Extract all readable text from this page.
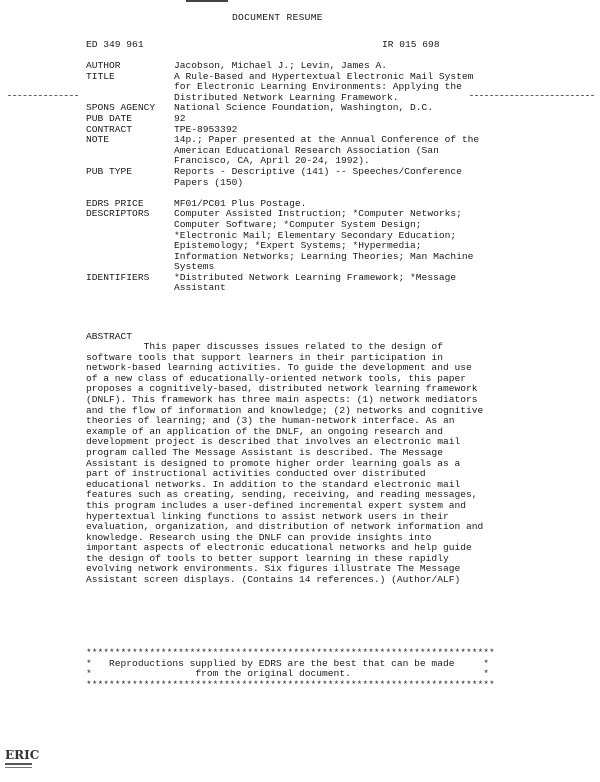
DOCUMENT RESUME
ED 349 961	IR 015 698
AUTHOR	Jacobson, Michael J.; Levin, James A.
TITLE	A Rule-Based and Hypertextual Electronic Mail System
for Electronic Learning Environments: Applying the
Distributed Network Learning Framework.
SPONS AGENCY	National Science Foundation, Washington, D.C.
PUB DATE	92
CONTRACT	TPE-8953392
NOTE	14p.; Paper presented at the Annual Conference of the
American Educational Research Association (San
Francisco, CA, April 20-24, 1992).
PUB TYPE	Reports - Descriptive (141) -- Speeches/Conference
Papers (150)
EDRS PRICE	MF01/PC01 Plus Postage.
DESCRIPTORS	Computer Assisted Instruction; *Computer Networks;
Computer Software; *Computer System Design;
*Electronic Mail; Elementary Secondary Education;
Epistemology; *Expert Systems; *Hypermedia;
Information Networks; Learning Theories; Man Machine
Systems
IDENTIFIERS	*Distributed Network Learning Framework; *Message
Assistant
ABSTRACT
This paper discusses issues related to the design of
software tools that support learners in their participation in
network-based learning activities. To guide the development and use
of a new class of educationally-oriented network tools, this paper
proposes a cognitively-based, distributed network learning framework
(DNLF). This framework has three main aspects: (1) network mediators
and the flow of information and knowledge; (2) networks and cognitive
theories of learning; and (3) the human-network interface. As an
example of an application of the DNLF, an ongoing research and
development project is described that involves an electronic mail
program called The Message Assistant is described. The Message
Assistant is designed to promote higher order learning goals as a
part of instructional activities conducted over distributed
educational networks. In addition to the standard electronic mail
features such as creating, sending, receiving, and reading messages,
this program includes a user-defined incremental expert system and
hypertextual linking functions to assist network users in their
evaluation, organization, and distribution of network information and
knowledge. Research using the DNLF can provide insights into
important aspects of electronic educational networks and help guide
the design of tools to better support learning in these rapidly
evolving network environments. Six figures illustrate The Message
Assistant screen displays. (Contains 14 references.) (Author/ALF)
***********************************************************************
*   Reproductions supplied by EDRS are the best that can be made     *
*                  from the original document.                       *
***********************************************************************
ERIC
